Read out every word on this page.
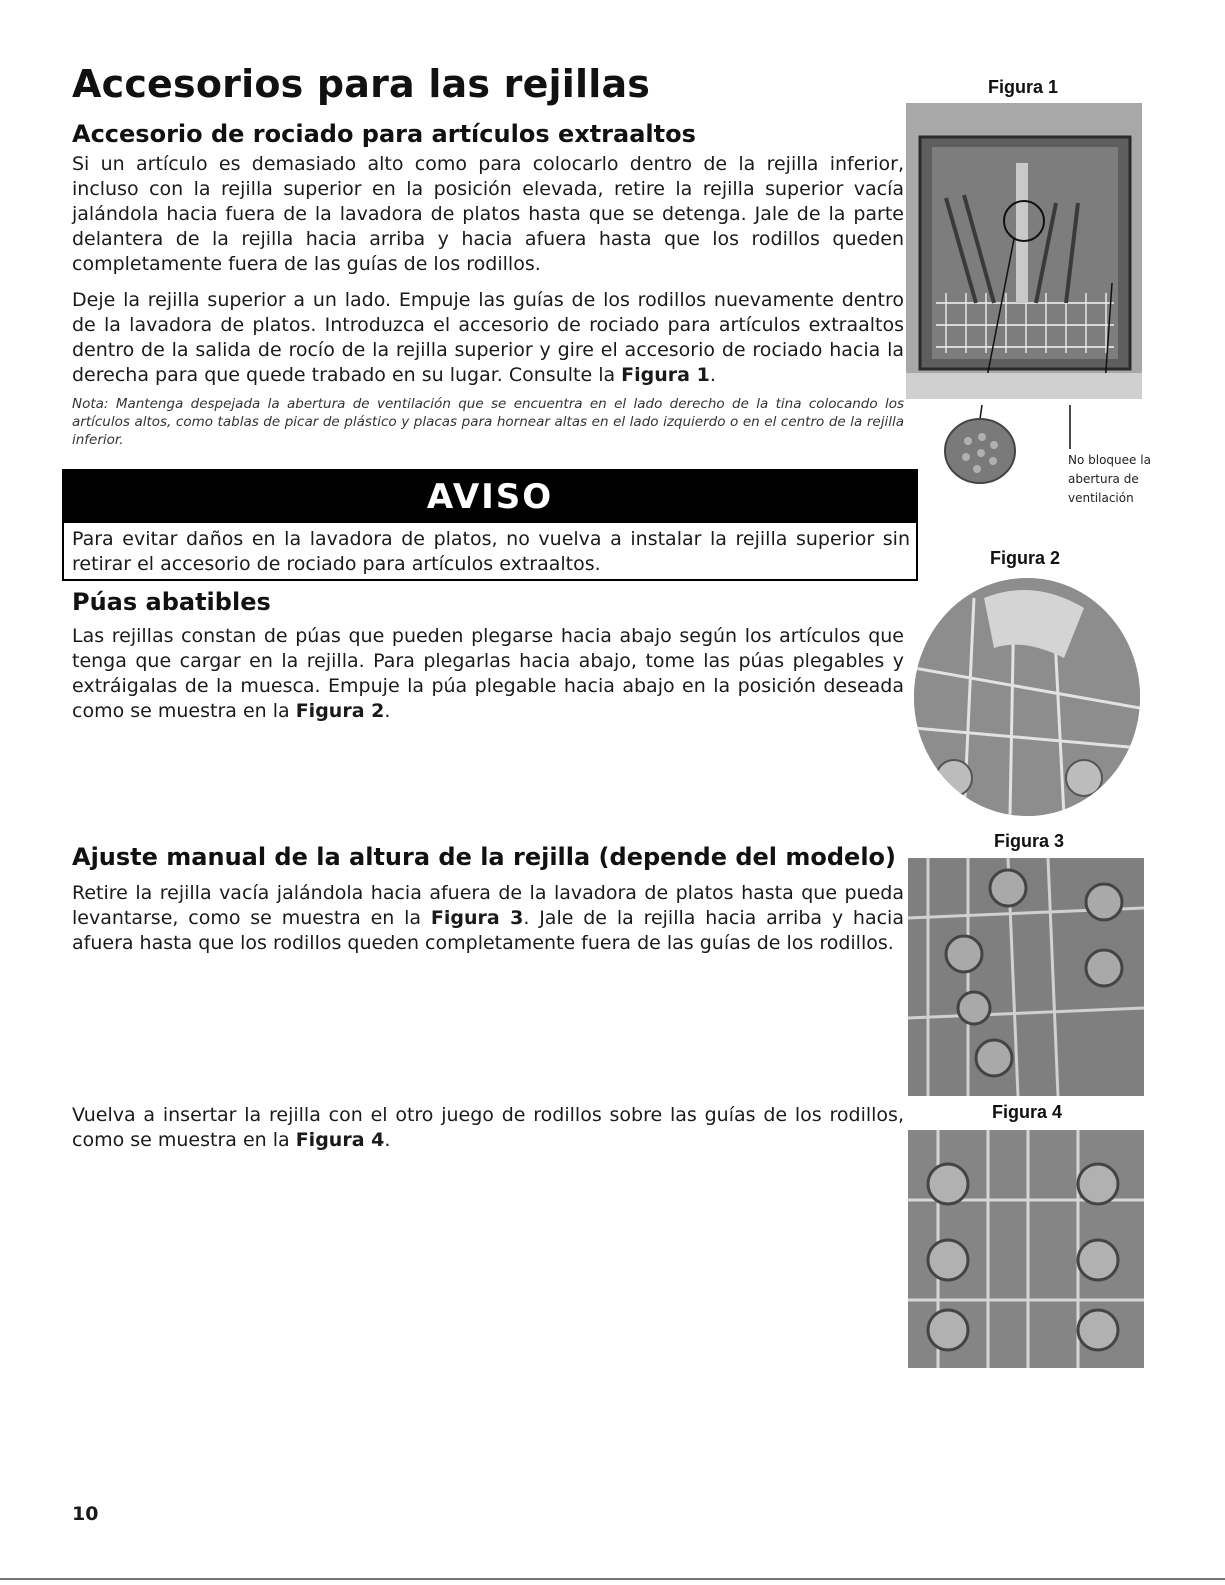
Accesorios para las rejillas
Accesorio de rociado para artículos extraaltos

Si un artículo es demasiado alto como para colocarlo dentro de la rejilla inferior, incluso con la rejilla superior en la posición elevada, retire la rejilla superior vacía jalándola hacia fuera de la lavadora de platos hasta que se detenga. Jale de la parte delantera de la rejilla hacia arriba y hacia afuera hasta que los rodillos queden completamente fuera de las guías de los rodillos.

Deje la rejilla superior a un lado. Empuje las guías de los rodillos nuevamente dentro de la lavadora de platos. Introduzca el accesorio de rociado para artículos extraaltos dentro de la salida de rocío de la rejilla superior y gire el accesorio de rociado hacia la derecha para que quede trabado en su lugar. Consulte la Figura 1.

Nota: Mantenga despejada la abertura de ventilación que se encuentra en el lado derecho de la tina colocando los artículos altos, como tablas de picar de plástico y placas para hornear altas en el lado izquierdo o en el centro de la rejilla inferior.

AVISO

Para evitar daños en la lavadora de platos, no vuelva a instalar la rejilla superior sin retirar el accesorio de rociado para artículos extraaltos.

Púas abatibles

Las rejillas constan de púas que pueden plegarse hacia abajo según los artículos que tenga que cargar en la rejilla. Para plegarlas hacia abajo, tome las púas plegables y extráigalas de la muesca. Empuje la púa plegable hacia abajo en la posición deseada como se muestra en la Figura 2.

Ajuste manual de la altura de la rejilla (depende del modelo)

Retire la rejilla vacía jalándola hacia afuera de la lavadora de platos hasta que pueda levantarse, como se muestra en la Figura 3. Jale de la rejilla hacia arriba y hacia afuera hasta que los rodillos queden completamente fuera de las guías de los rodillos.

Vuelva a insertar la rejilla con el otro juego de rodillos sobre las guías de los rodillos, como se muestra en la Figura 4.

Figura 1
No bloquee la abertura de ventilación
Figura 2
Figura 3
Figura 4
10
